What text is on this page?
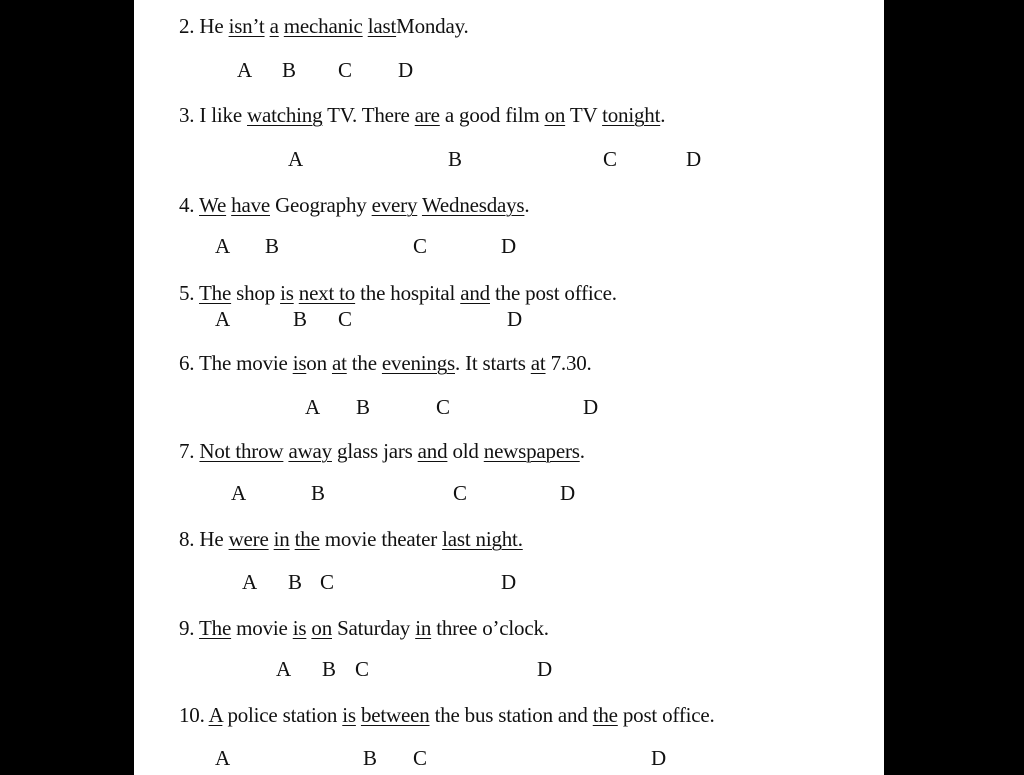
2. He isn’t a mechanic lastMonday.
A B C D
3. I like watching TV. There are a good film on TV tonight.
A	B	C	D
4. We have Geography every Wednesdays.
A B	C	D
5. The shop is next to the hospital and the post office.
A	B C	D
6. The movie ison at the evenings. It starts at 7.30.
A B	C	D
7. Not throw away glass jars and old newspapers.
A	B	C	D
8. He were in the movie theater last night.
A B C	D
9. The movie is on Saturday in three o’clock.
A B C	D
10. A police station is between the bus station and the post office.
A	B C	D
